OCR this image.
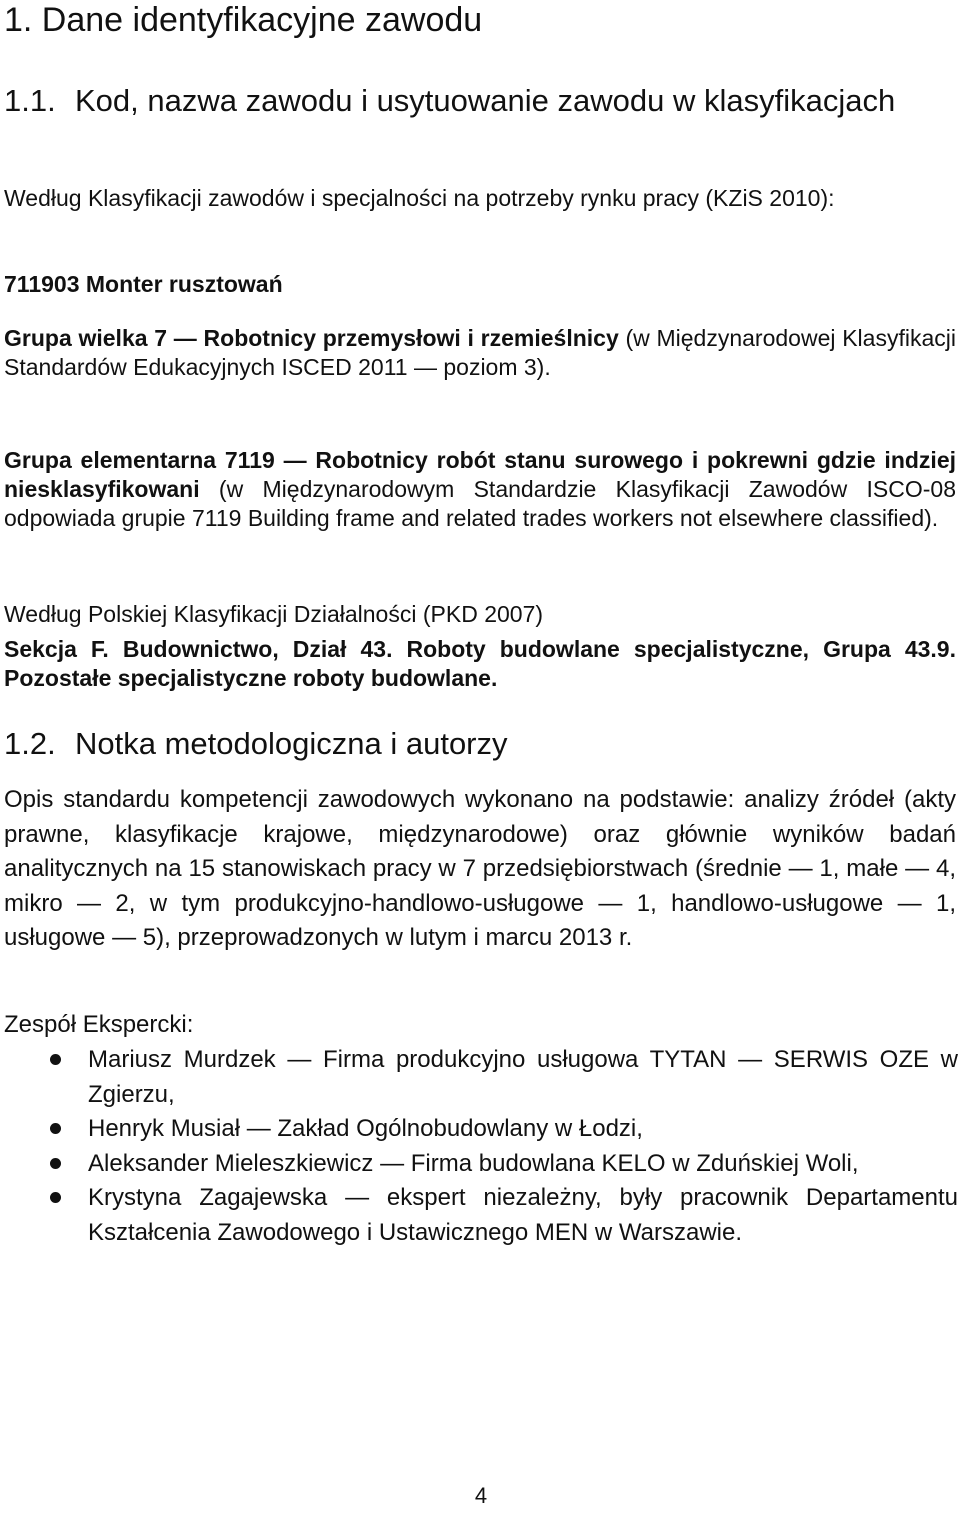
1. Dane identyfikacyjne zawodu
1.1. Kod, nazwa zawodu i usytuowanie zawodu w klasyfikacjach

Według Klasyfikacji zawodów i specjalności na potrzeby rynku pracy (KZiS 2010):

711903 Monter rusztowań

Grupa wielka 7 — Robotnicy przemysłowi i rzemieślnicy (w Międzynarodowej Klasyfikacji Standardów Edukacyjnych ISCED 2011 — poziom 3).

Grupa elementarna 7119 — Robotnicy robót stanu surowego i pokrewni gdzie indziej niesklasyfikowani (w Międzynarodowym Standardzie Klasyfikacji Zawodów ISCO-08 odpowiada grupie 7119 Building frame and related trades workers not elsewhere classified).

Według Polskiej Klasyfikacji Działalności (PKD 2007)

Sekcja F. Budownictwo, Dział 43. Roboty budowlane specjalistyczne, Grupa 43.9. Pozostałe specjalistyczne roboty budowlane.

1.2. Notka metodologiczna i autorzy

Opis standardu kompetencji zawodowych wykonano na podstawie: analizy źródeł (akty prawne, klasyfikacje krajowe, międzynarodowe) oraz głównie wyników badań analitycznych na 15 stanowiskach pracy w 7 przedsiębiorstwach (średnie — 1, małe — 4, mikro — 2, w tym produkcyjno-handlowo-usługowe — 1, handlowo-usługowe — 1, usługowe — 5), przeprowadzonych w lutym i marcu 2013 r.

Zespół Ekspercki:

Mariusz Murdzek — Firma produkcyjno usługowa TYTAN — SERWIS OZE w Zgierzu,
Henryk Musiał — Zakład Ogólnobudowlany w Łodzi,
Aleksander Mieleszkiewicz — Firma budowlana KELO w Zduńskiej Woli,
Krystyna Zagajewska — ekspert niezależny, były pracownik Departamentu Kształcenia Zawodowego i Ustawicznego MEN w Warszawie.
4
